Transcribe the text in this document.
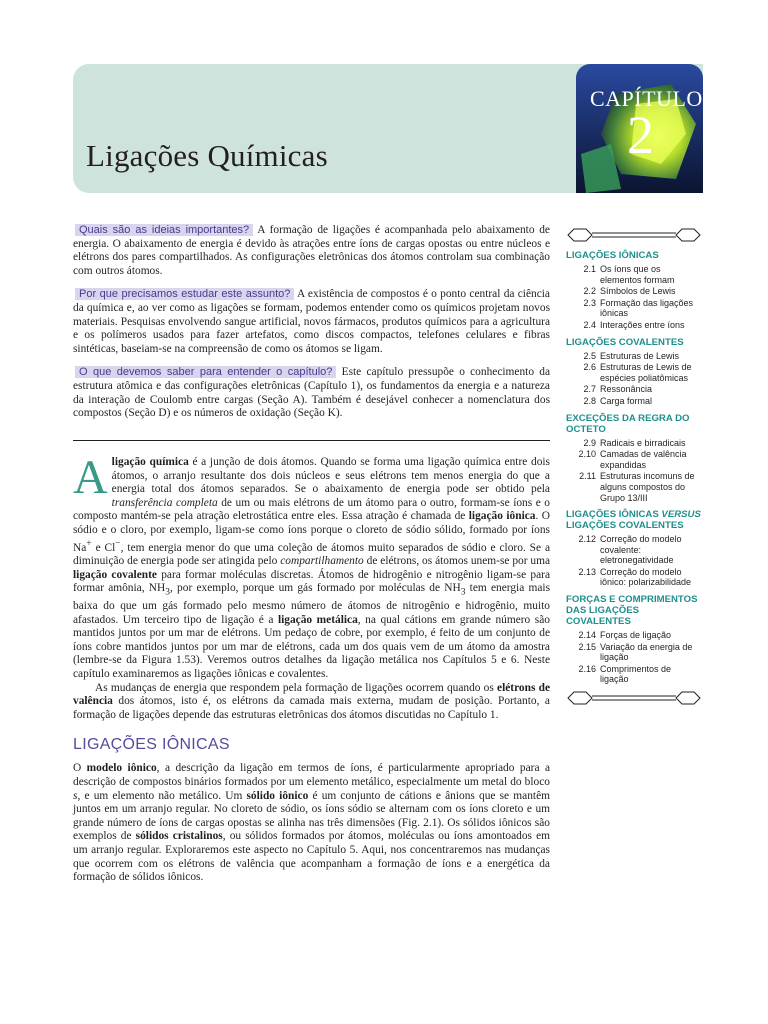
Ligações Químicas
CAPÍTULO
2

Quais são as ideias importantes? A formação de ligações é acompanhada pelo abaixamento de energia. O abaixamento de energia é devido às atrações entre íons de cargas opostas ou entre núcleos e elétrons dos pares compartilhados. As configurações eletrônicas dos átomos controlam sua combinação com outros átomos.

Por que precisamos estudar este assunto? A existência de compostos é o ponto central da ciência da química e, ao ver como as ligações se formam, podemos entender como os químicos projetam novos materiais. Pesquisas envolvendo sangue artificial, novos fármacos, produtos químicos para a agricultura e os polímeros usados para fazer artefatos, como discos compactos, telefones celulares e fibras sintéticas, baseiam-se na compreensão de como os átomos se ligam.

O que devemos saber para entender o capítulo? Este capítulo pressupõe o conhecimento da estrutura atômica e das configurações eletrônicas (Capítulo 1), os fundamentos da energia e a natureza da interação de Coulomb entre cargas (Seção A). Também é desejável conhecer a nomenclatura dos compostos (Seção D) e os números de oxidação (Seção K).

A ligação química é a junção de dois átomos. Quando se forma uma ligação química entre dois átomos, o arranjo resultante dos dois núcleos e seus elétrons tem menos energia do que a energia total dos átomos separados. Se o abaixamento de energia pode ser obtido pela transferência completa de um ou mais elétrons de um átomo para o outro, formam-se íons e o composto mantém-se pela atração eletrostática entre eles. Essa atração é chamada de ligação iônica. O sódio e o cloro, por exemplo, ligam-se como íons porque o cloreto de sódio sólido, formado por íons Na+ e Cl−, tem energia menor do que uma coleção de átomos muito separados de sódio e cloro. Se a diminuição de energia pode ser atingida pelo compartilhamento de elétrons, os átomos unem-se por uma ligação covalente para formar moléculas discretas. Átomos de hidrogênio e nitrogênio ligam-se para formar amônia, $NH_3$, por exemplo, porque um gás formado por moléculas de $NH_3$ tem energia mais baixa do que um gás formado pelo mesmo número de átomos de nitrogênio e hidrogênio, muito afastados. Um terceiro tipo de ligação é a ligação metálica, na qual cátions em grande número são mantidos juntos por um mar de elétrons. Um pedaço de cobre, por exemplo, é feito de um conjunto de íons cobre mantidos juntos por um mar de elétrons, cada um dos quais vem de um átomo da amostra (lembre-se da Figura 1.53). Veremos outros detalhes da ligação metálica nos Capítulos 5 e 6. Neste capítulo examinaremos as ligações iônicas e covalentes.

As mudanças de energia que respondem pela formação de ligações ocorrem quando os elétrons de valência dos átomos, isto é, os elétrons da camada mais externa, mudam de posição. Portanto, a formação de ligações depende das estruturas eletrônicas dos átomos discutidas no Capítulo 1.

LIGAÇÕES IÔNICAS

O modelo iônico, a descrição da ligação em termos de íons, é particularmente apropriado para a descrição de compostos binários formados por um elemento metálico, especialmente um metal do bloco s, e um elemento não metálico. Um sólido iônico é um conjunto de cátions e ânions que se mantêm juntos em um arranjo regular. No cloreto de sódio, os íons sódio se alternam com os íons cloreto e um grande número de íons de cargas opostas se alinha nas três dimensões (Fig. 2.1). Os sólidos iônicos são exemplos de sólidos cristalinos, ou sólidos formados por átomos, moléculas ou íons amontoados em um arranjo regular. Exploraremos este aspecto no Capítulo 5. Aqui, nos concentraremos nas mudanças que ocorrem com os elétrons de valência que acompanham a formação de íons e a energética da formação de sólidos iônicos.

LIGAÇÕES IÔNICAS
2.1 Os íons que os elementos formam
2.2 Símbolos de Lewis
2.3 Formação das ligações iônicas
2.4 Interações entre íons
LIGAÇÕES COVALENTES
2.5 Estruturas de Lewis
2.6 Estruturas de Lewis de espécies poliatômicas
2.7 Ressonância
2.8 Carga formal
EXCEÇÕES DA REGRA DO OCTETO
2.9 Radicais e birradicais
2.10 Camadas de valência expandidas
2.11 Estruturas incomuns de alguns compostos do Grupo 13/III
LIGAÇÕES IÔNICAS VERSUS LIGAÇÕES COVALENTES
2.12 Correção do modelo covalente: eletronegatividade
2.13 Correção do modelo iônico: polarizabilidade
FORÇAS E COMPRIMENTOS DAS LIGAÇÕES COVALENTES
2.14 Forças de ligação
2.15 Variação da energia de ligação
2.16 Comprimentos de ligação
